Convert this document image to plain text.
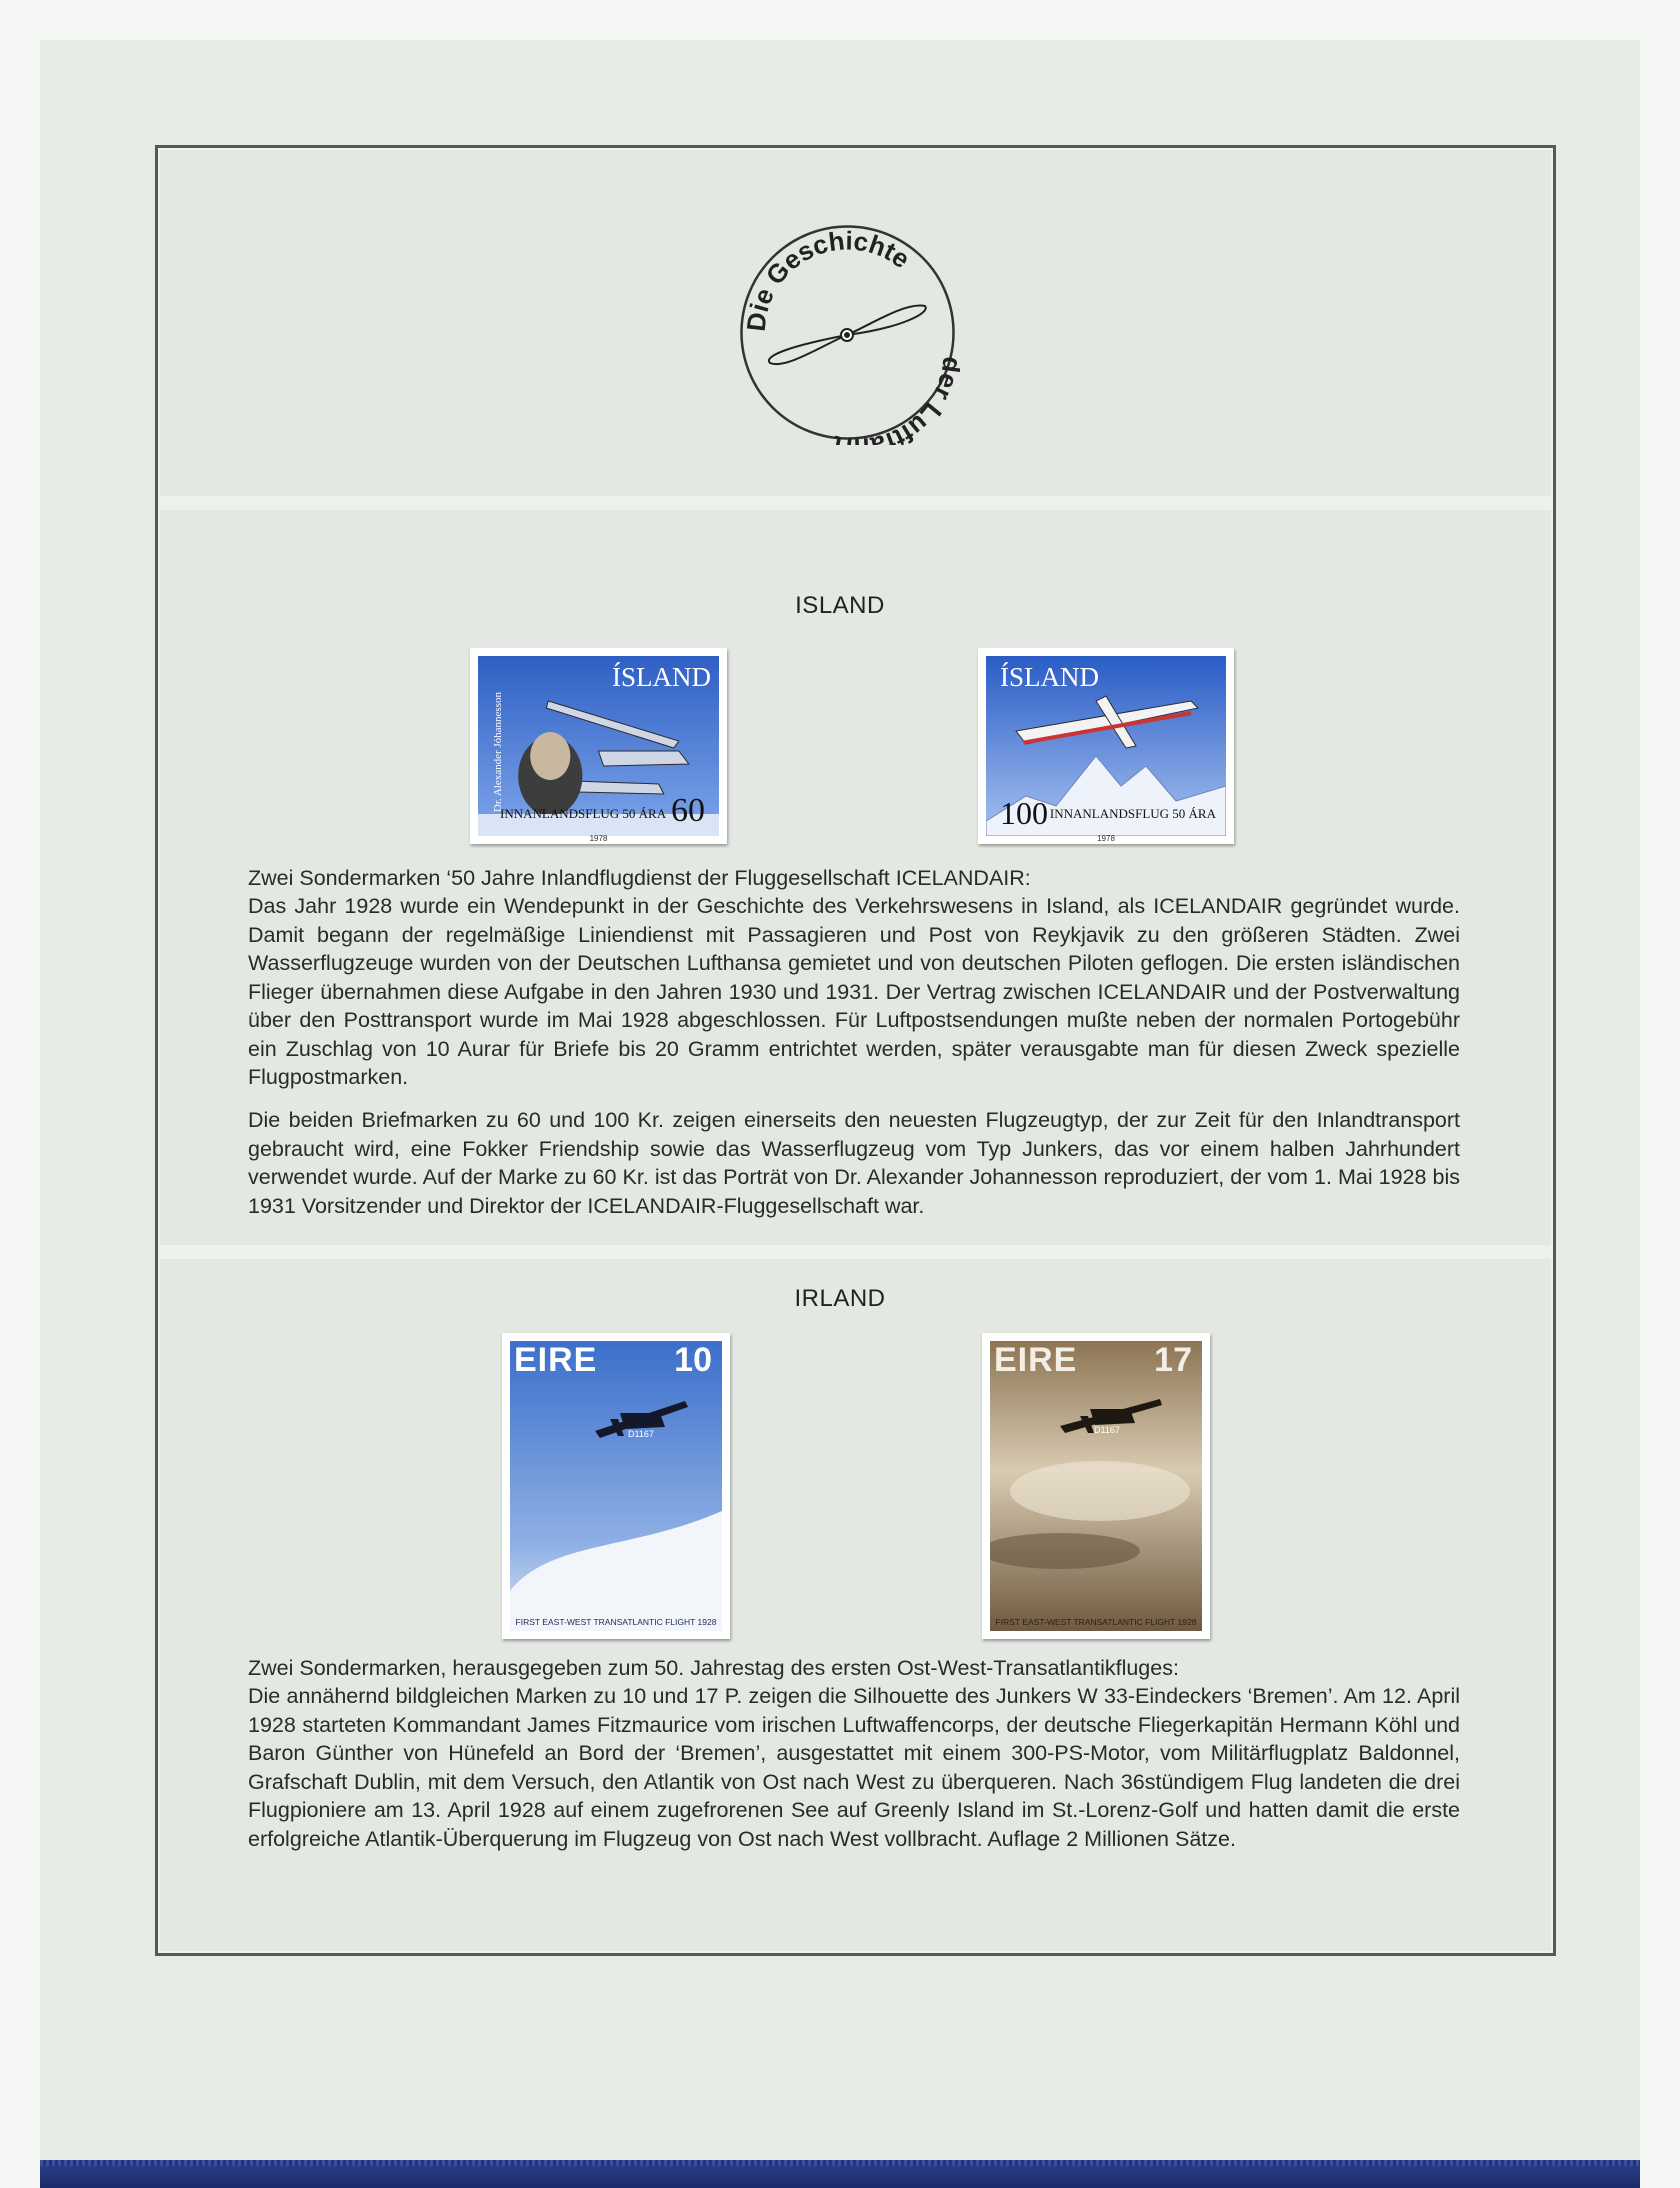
Die Geschichte
r Luftf
ISLAND
ÍSLAND
60
INNANLANDSFLUG 50 ÁRA
Dr. Alexander Jóhannesson
1978
ÍSLAND
100 INNANLANDSFLUG 50 ÁRA
1978

Zwei Sondermarken ‘50 Jahre Inlandflugdienst der Fluggesellschaft ICELANDAIR:

Das Jahr 1928 wurde ein Wendepunkt in der Geschichte des Verkehrswesens in Island, als ICELANDAIR gegründet wurde. Damit begann der regelmäßige Liniendienst mit Passagieren und Post von Reykjavik zu den größeren Städten. Zwei Wasserflugzeuge wurden von der Deutschen Lufthansa gemietet und von deutschen Piloten geflogen. Die ersten isländischen Flieger übernahmen diese Aufgabe in den Jahren 1930 und 1931. Der Vertrag zwischen ICELANDAIR und der Postverwaltung über den Posttransport wurde im Mai 1928 abgeschlossen. Für Luftpostsendungen mußte neben der normalen Portogebühr ein Zuschlag von 10 Aurar für Briefe bis 20 Gramm entrichtet werden, später verausgabte man für diesen Zweck spezielle Flugpostmarken.

Die beiden Briefmarken zu 60 und 100 Kr. zeigen einerseits den neuesten Flugzeugtyp, der zur Zeit für den Inlandtransport gebraucht wird, eine Fokker Friendship sowie das Wasserflugzeug vom Typ Junkers, das vor einem halben Jahrhundert verwendet wurde. Auf der Marke zu 60 Kr. ist das Porträt von Dr. Alexander Johannesson reproduziert, der vom 1. Mai 1928 bis 1931 Vorsitzender und Direktor der ICELANDAIR-Fluggesellschaft war.

IRLAND
EIRE 10
D1167
FIRST EAST-WEST TRANSATLANTIC FLIGHT 1928
EIRE 17
D1167
FIRST EAST-WEST TRANSATLANTIC FLIGHT 1928

Zwei Sondermarken, herausgegeben zum 50. Jahrestag des ersten Ost-West-Transatlantikfluges:

Die annähernd bildgleichen Marken zu 10 und 17 P. zeigen die Silhouette des Junkers W 33-Eindeckers ‘Bremen’. Am 12. April 1928 starteten Kommandant James Fitzmaurice vom irischen Luftwaffencorps, der deutsche Fliegerkapitän Hermann Köhl und Baron Günther von Hünefeld an Bord der ‘Bremen’, ausgestattet mit einem 300-PS-Motor, vom Militärflugplatz Baldonnel, Grafschaft Dublin, mit dem Versuch, den Atlantik von Ost nach West zu überqueren. Nach 36stündigem Flug landeten die drei Flugpioniere am 13. April 1928 auf einem zugefrorenen See auf Greenly Island im St.-Lorenz-Golf und hatten damit die erste erfolgreiche Atlantik-Überquerung im Flugzeug von Ost nach West vollbracht. Auflage 2 Millionen Sätze.
